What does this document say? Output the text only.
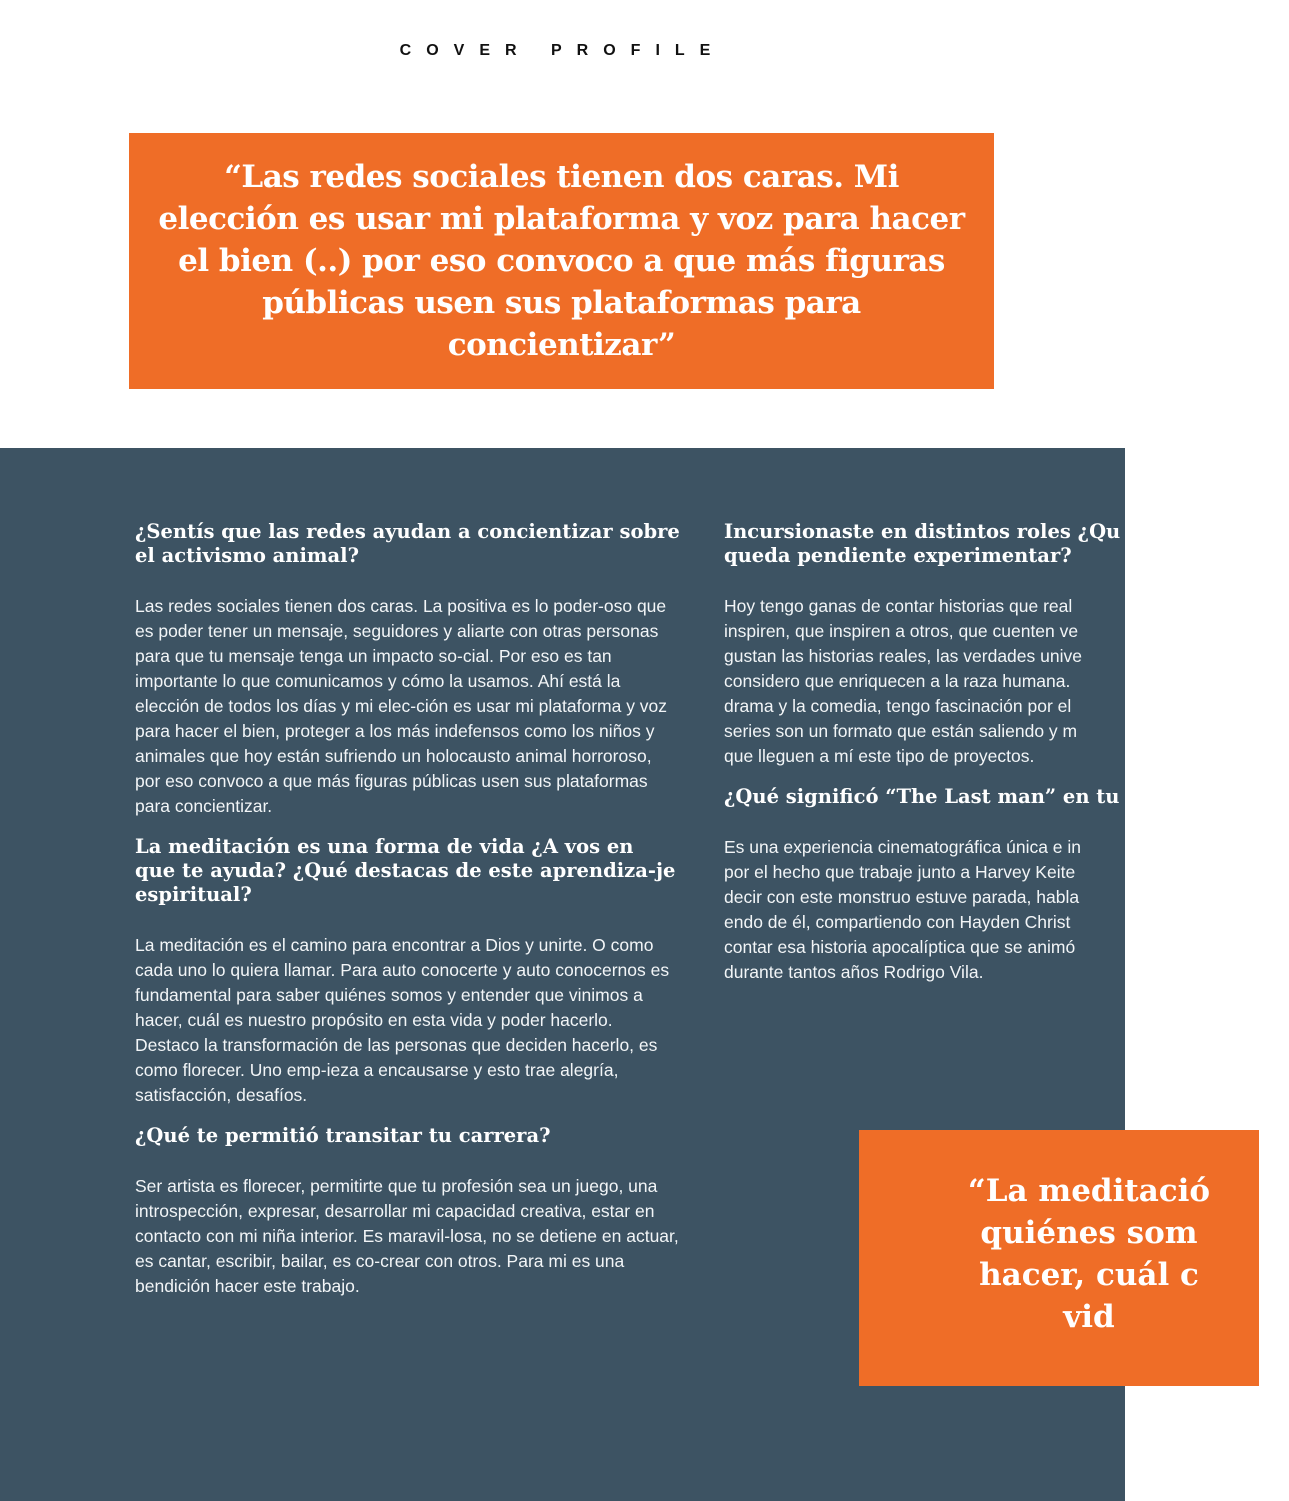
COVER PROFILE

“Las redes sociales tienen dos caras. Mi elección es usar mi plataforma y voz para hacer el bien (..) por eso convoco a que más figuras públicas usen sus plataformas para concientizar”

¿Sentís que las redes ayudan a concientizar sobre el activismo animal?

Las redes sociales tienen dos caras. La positiva es lo poder-oso que es poder tener un mensaje, seguidores y aliarte con otras personas para que tu mensaje tenga un impacto so-cial. Por eso es tan importante lo que comunicamos y cómo la usamos. Ahí está la elección de todos los días y mi elec-ción es usar mi plataforma y voz para hacer el bien, proteger a los más indefensos como los niños y animales que hoy están sufriendo un holocausto animal horroroso, por eso convoco a que más figuras públicas usen sus plataformas para concientizar.

La meditación es una forma de vida ¿A vos en que te ayuda? ¿Qué destacas de este aprendiza-je espiritual?

La meditación es el camino para encontrar a Dios y unirte. O como cada uno lo quiera llamar. Para auto conocerte y auto conocernos es fundamental para saber quiénes somos y entender que vinimos a hacer, cuál es nuestro propósito en esta vida y poder hacerlo. Destaco la transformación de las personas que deciden hacerlo, es como florecer. Uno emp-ieza a encausarse y esto trae alegría, satisfacción, desafíos.

¿Qué te permitió transitar tu carrera?

Ser artista es florecer, permitirte que tu profesión sea un juego, una introspección, expresar, desarrollar mi capacidad creativa, estar en contacto con mi niña interior. Es maravil-losa, no se detiene en actuar, es cantar, escribir, bailar, es co-crear con otros. Para mi es una bendición hacer este trabajo.

Incursionaste en distintos roles ¿Qu
queda pendiente experimentar?

Hoy tengo ganas de contar historias que real
inspiren, que inspiren a otros, que cuenten ve
gustan las historias reales, las verdades unive
considero que enriquecen a la raza humana.
drama y la comedia, tengo fascinación por el
series son un formato que están saliendo y m
que lleguen a mí este tipo de proyectos.

¿Qué significó “The Last man” en tu

Es una experiencia cinematográfica única e in
por el hecho que trabaje junto a Harvey Keite
decir con este monstruo estuve parada, habla
endo de él, compartiendo con Hayden Christ
contar esa historia apocalíptica que se animó
durante tantos años Rodrigo Vila.

“La meditació
quiénes som
hacer, cuál c
vid
